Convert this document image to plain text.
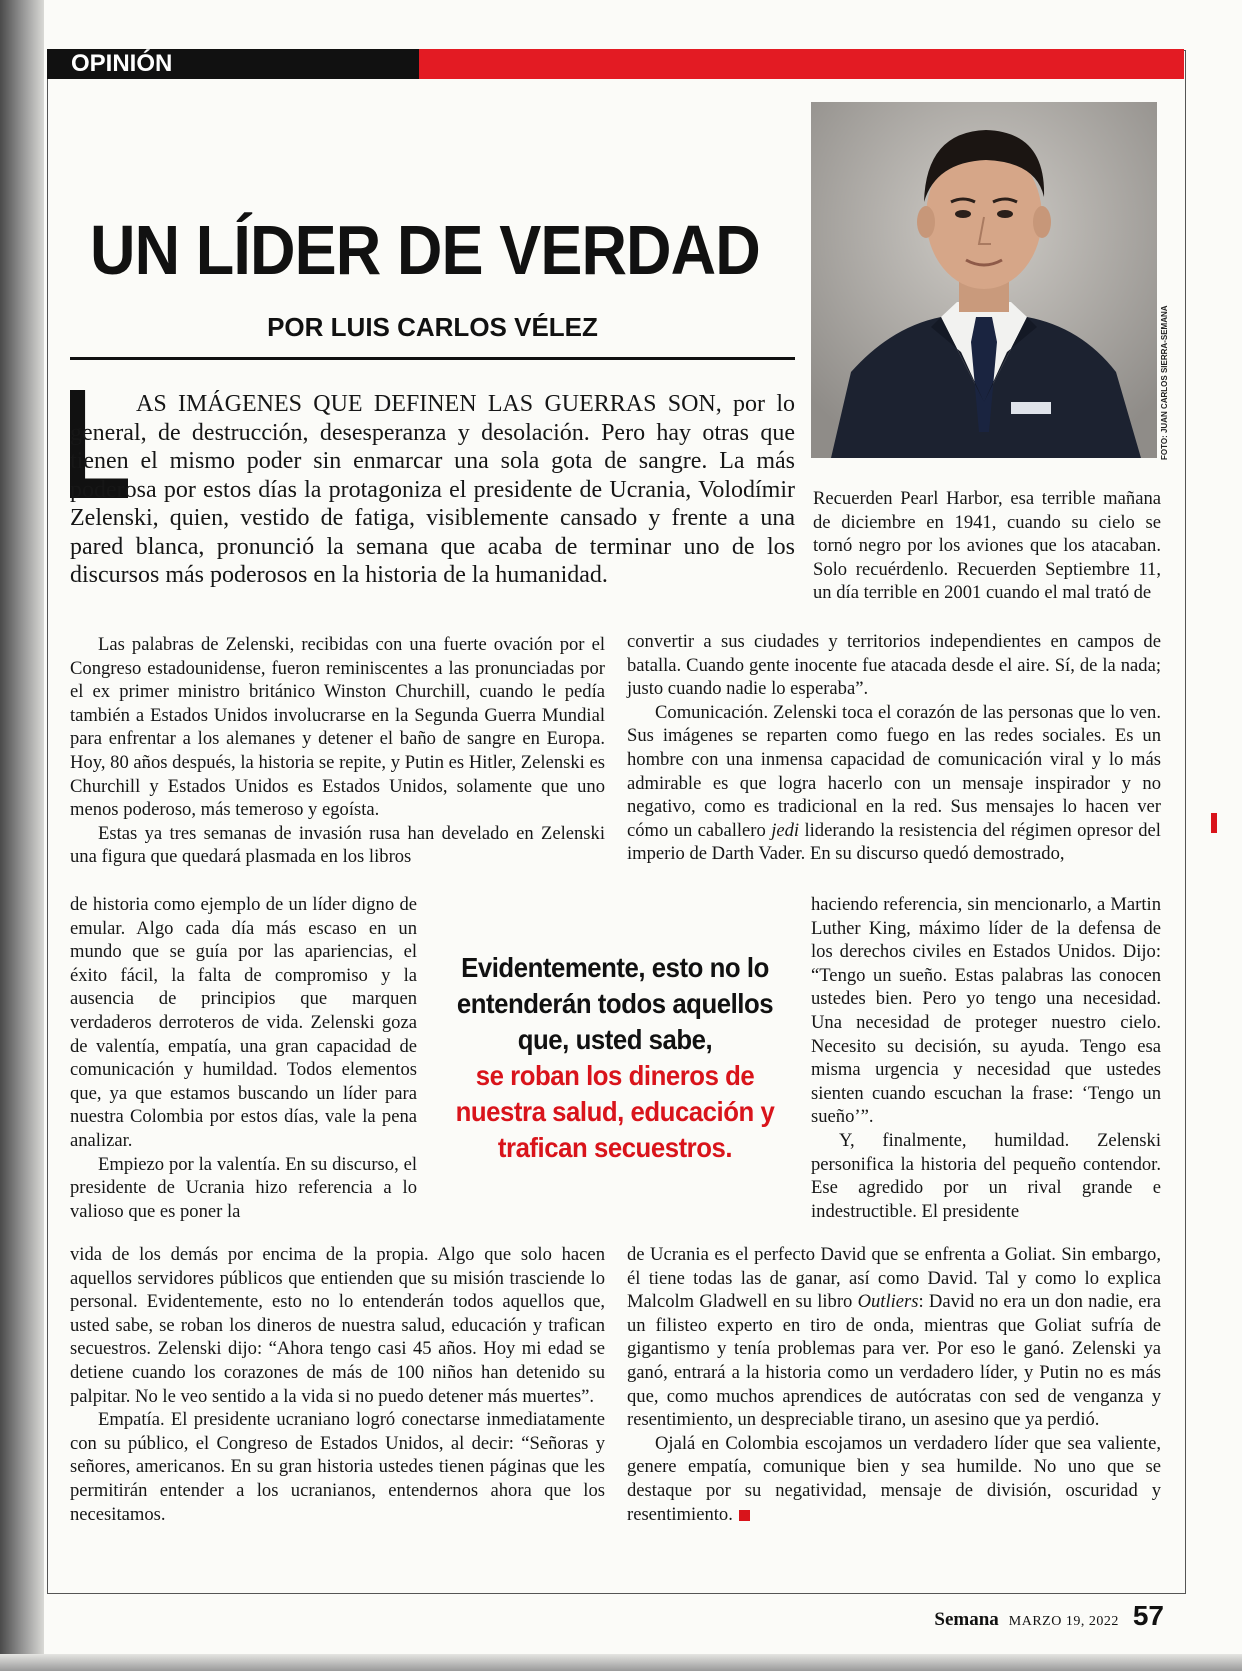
OPINIÓN
UN LÍDER DE VERDAD
POR LUIS CARLOS VÉLEZ	FOTO: JUAN CARLOS SIERRA-SEMANA

AS IMÁGENES QUE DEFINEN LAS GUERRAS SON, por lo general, de destrucción, desesperanza y desolación. Pero hay otras que tienen el mismo poder sin enmarcar una sola gota de sangre. La más poderosa por estos días la protagoniza el presidente de Ucrania, Volodímir Zelenski, quien, vestido de fatiga, visiblemente cansado y frente a una pared blanca, pronunció la semana que acaba de terminar uno de los discursos más poderosos en la historia de la humanidad.

Las palabras de Zelenski, recibidas con una fuerte ovación por el Congreso estadounidense, fueron reminiscentes a las pronunciadas por el ex primer ministro británico Winston Churchill, cuando le pedía también a Estados Unidos involucrarse en la Segunda Guerra Mundial para enfrentar a los alemanes y detener el baño de sangre en Europa. Hoy, 80 años después, la historia se repite, y Putin es Hitler, Zelenski es Churchill y Estados Unidos es Estados Unidos, solamente que uno menos poderoso, más temeroso y egoísta.

Estas ya tres semanas de invasión rusa han develado en Zelenski una figura que quedará plasmada en los libros

de historia como ejemplo de un líder digno de emular. Algo cada día más escaso en un mundo que se guía por las apariencias, el éxito fácil, la falta de compromiso y la ausencia de principios que marquen verdaderos derroteros de vida. Zelenski goza de valentía, empatía, una gran capacidad de comunicación y humildad. Todos elementos que, ya que estamos buscando un líder para nuestra Colombia por estos días, vale la pena analizar.

Empiezo por la valentía. En su discurso, el presidente de Ucrania hizo referencia a lo valioso que es poner la

vida de los demás por encima de la propia. Algo que solo hacen aquellos servidores públicos que entienden que su misión trasciende lo personal. Evidentemente, esto no lo entenderán todos aquellos que, usted sabe, se roban los dineros de nuestra salud, educación y trafican secuestros. Zelenski dijo: “Ahora tengo casi 45 años. Hoy mi edad se detiene cuando los corazones de más de 100 niños han detenido su palpitar. No le veo sentido a la vida si no puedo detener más muertes”.

Empatía. El presidente ucraniano logró conectarse inmediatamente con su público, el Congreso de Estados Unidos, al decir: “Señoras y señores, americanos. En su gran historia ustedes tienen páginas que les permitirán entender a los ucranianos, entendernos ahora que los necesitamos.

Recuerden Pearl Harbor, esa terrible mañana de diciembre en 1941, cuando su cielo se tornó negro por los aviones que los atacaban. Solo recuérdenlo. Recuerden Septiembre 11, un día terrible en 2001 cuando el mal trató de

convertir a sus ciudades y territorios independientes en campos de batalla. Cuando gente inocente fue atacada desde el aire. Sí, de la nada; justo cuando nadie lo esperaba”.

Comunicación. Zelenski toca el corazón de las personas que lo ven. Sus imágenes se reparten como fuego en las redes sociales. Es un hombre con una inmensa capacidad de comunicación viral y lo más admirable es que logra hacerlo con un mensaje inspirador y no negativo, como es tradicional en la red. Sus mensajes lo hacen ver cómo un caballero jedi liderando la resistencia del régimen opresor del imperio de Darth Vader. En su discurso quedó demostrado,

haciendo referencia, sin mencionarlo, a Martin Luther King, máximo líder de la defensa de los derechos civiles en Estados Unidos. Dijo: “Tengo un sueño. Estas palabras las conocen ustedes bien. Pero yo tengo una necesidad. Una necesidad de proteger nuestro cielo. Necesito su decisión, su ayuda. Tengo esa misma urgencia y necesidad que ustedes sienten cuando escuchan la frase: ‘Tengo un sueño’”.

Y, finalmente, humildad. Zelenski personifica la historia del pequeño contendor. Ese agredido por un rival grande e indestructible. El presidente

de Ucrania es el perfecto David que se enfrenta a Goliat. Sin embargo, él tiene todas las de ganar, así como David. Tal y como lo explica Malcolm Gladwell en su libro Outliers: David no era un don nadie, era un filisteo experto en tiro de onda, mientras que Goliat sufría de gigantismo y tenía problemas para ver. Por eso le ganó. Zelenski ya ganó, entrará a la historia como un verdadero líder, y Putin no es más que, como muchos aprendices de autócratas con sed de venganza y resentimiento, un despreciable tirano, un asesino que ya perdió.

Ojalá en Colombia escojamos un verdadero líder que sea valiente, genere empatía, comunique bien y sea humilde. No uno que se destaque por su negatividad, mensaje de división, oscuridad y resentimiento.

Evidentemente, esto no lo entenderán todos aquellos que, usted sabe,
se roban los dineros de nuestra salud, educación y trafican secuestros.
Semana MARZO 19, 2022 57
